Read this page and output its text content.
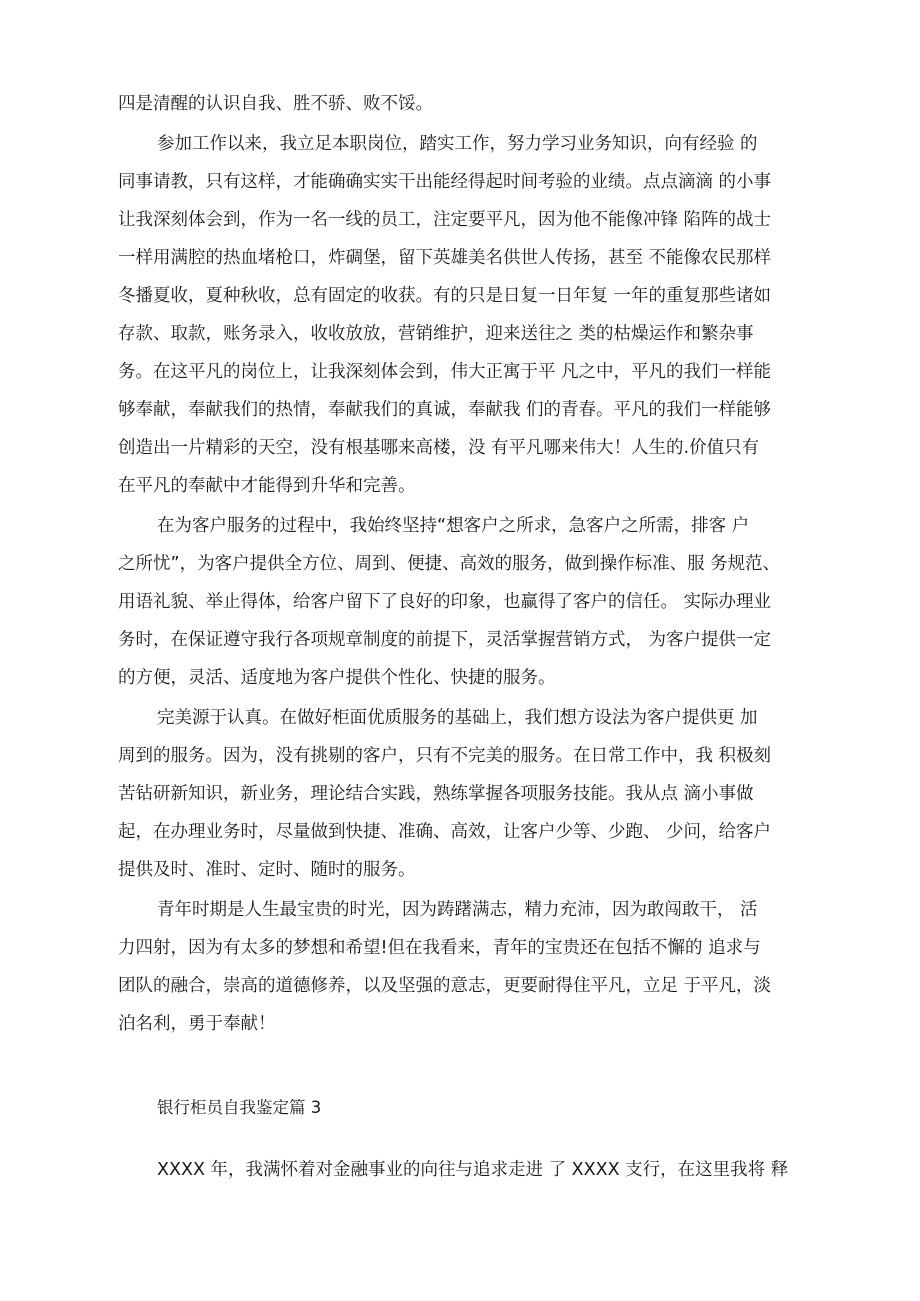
四是清醒的认识自我、胜不骄、败不馁。
参加工作以来，我立足本职岗位，踏实工作，努力学习业务知识，向有经验 的
同事请教，只有这样，才能确确实实干出能经得起时间考验的业绩。点点滴滴 的小事
让我深刻体会到，作为一名一线的员工，注定要平凡，因为他不能像冲锋 陷阵的战士
一样用满腔的热血堵枪口，炸碉堡，留下英雄美名供世人传扬，甚至 不能像农民那样
冬播夏收，夏种秋收，总有固定的收获。有的只是日复一日年复 一年的重复那些诸如
存款、取款，账务录入，收收放放，营销维护，迎来送往之 类的枯燥运作和繁杂事
务。在这平凡的岗位上，让我深刻体会到，伟大正寓于平 凡之中，平凡的我们一样能
够奉献，奉献我们的热情，奉献我们的真诚，奉献我 们的青春。平凡的我们一样能够
创造出一片精彩的天空，没有根基哪来高楼，没 有平凡哪来伟大！人生的.价值只有
在平凡的奉献中才能得到升华和完善。
在为客户服务的过程中，我始终坚持“想客户之所求，急客户之所需，排客 户
之所忧”，为客户提供全方位、周到、便捷、高效的服务，做到操作标准、服 务规范、
用语礼貌、举止得体，给客户留下了良好的印象，也赢得了客户的信任。 实际办理业
务时，在保证遵守我行各项规章制度的前提下，灵活掌握营销方式， 为客户提供一定
的方便，灵活、适度地为客户提供个性化、快捷的服务。
完美源于认真。在做好柜面优质服务的基础上，我们想方设法为客户提供更 加
周到的服务。因为，没有挑剔的客户，只有不完美的服务。在日常工作中，我 积极刻
苦钻研新知识，新业务，理论结合实践，熟练掌握各项服务技能。我从点 滴小事做
起，在办理业务时，尽量做到快捷、准确、高效，让客户少等、少跑、 少问，给客户
提供及时、准时、定时、随时的服务。
青年时期是人生最宝贵的时光，因为踌躇满志，精力充沛，因为敢闯敢干， 活
力四射，因为有太多的梦想和希望!但在我看来，青年的宝贵还在包括不懈的 追求与
团队的融合，崇高的道德修养，以及坚强的意志，更要耐得住平凡，立足 于平凡，淡
泊名利，勇于奉献！
银行柜员自我鉴定篇 3
XXXX 年，我满怀着对金融事业的向往与追求走进 了 XXXX 支行，在这里我将 释
